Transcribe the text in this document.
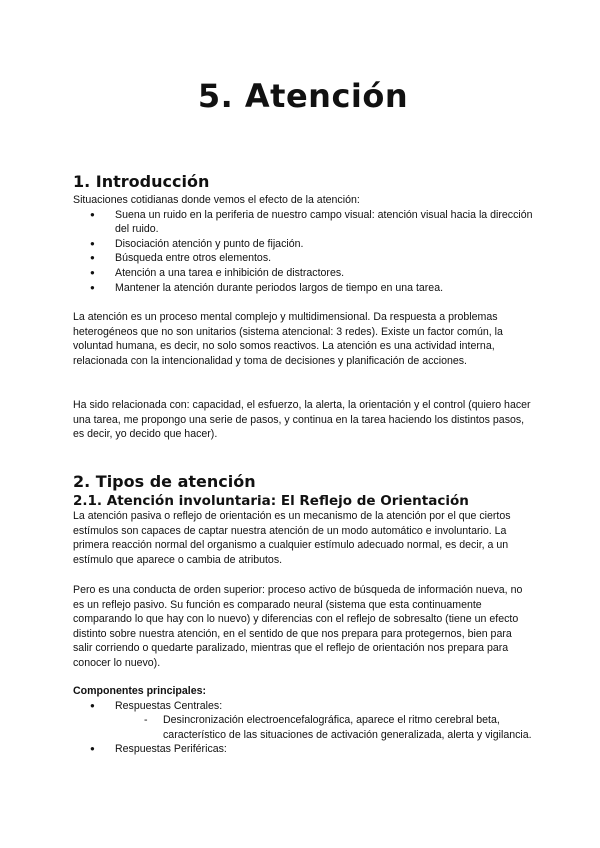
5. Atención
1. Introducción

Situaciones cotidianas donde vemos el efecto de la atención:

● Suena un ruido en la periferia de nuestro campo visual: atención visual hacia la dirección del ruido.
● Disociación atención y punto de fijación.
● Búsqueda entre otros elementos.
● Atención a una tarea e inhibición de distractores.
● Mantener la atención durante periodos largos de tiempo en una tarea.

La atención es un proceso mental complejo y multidimensional. Da respuesta a problemas heterogéneos que no son unitarios (sistema atencional: 3 redes). Existe un factor común, la voluntad humana, es decir, no solo somos reactivos. La atención es una actividad interna, relacionada con la intencionalidad y toma de decisiones y planificación de acciones.

Ha sido relacionada con: capacidad, el esfuerzo, la alerta, la orientación y el control (quiero hacer una tarea, me propongo una serie de pasos, y continua en la tarea haciendo los distintos pasos, es decir, yo decido que hacer).

2. Tipos de atención
2.1. Atención involuntaria: El Reflejo de Orientación

La atención pasiva o reflejo de orientación es un mecanismo de la atención por el que ciertos estímulos son capaces de captar nuestra atención de un modo automático e involuntario. La primera reacción normal del organismo a cualquier estímulo adecuado normal, es decir, a un estímulo que aparece o cambia de atributos.

Pero es una conducta de orden superior: proceso activo de búsqueda de información nueva, no es un reflejo pasivo. Su función es comparado neural (sistema que esta continuamente comparando lo que hay con lo nuevo) y diferencias con el reflejo de sobresalto (tiene un efecto distinto sobre nuestra atención, en el sentido de que nos prepara para protegernos, bien para salir corriendo o quedarte paralizado, mientras que el reflejo de orientación nos prepara para conocer lo nuevo).

Componentes principales:

● Respuestas Centrales:
- Desincronización electroencefalográfica, aparece el ritmo cerebral beta, característico de las situaciones de activación generalizada, alerta y vigilancia.
● Respuestas Periféricas:
